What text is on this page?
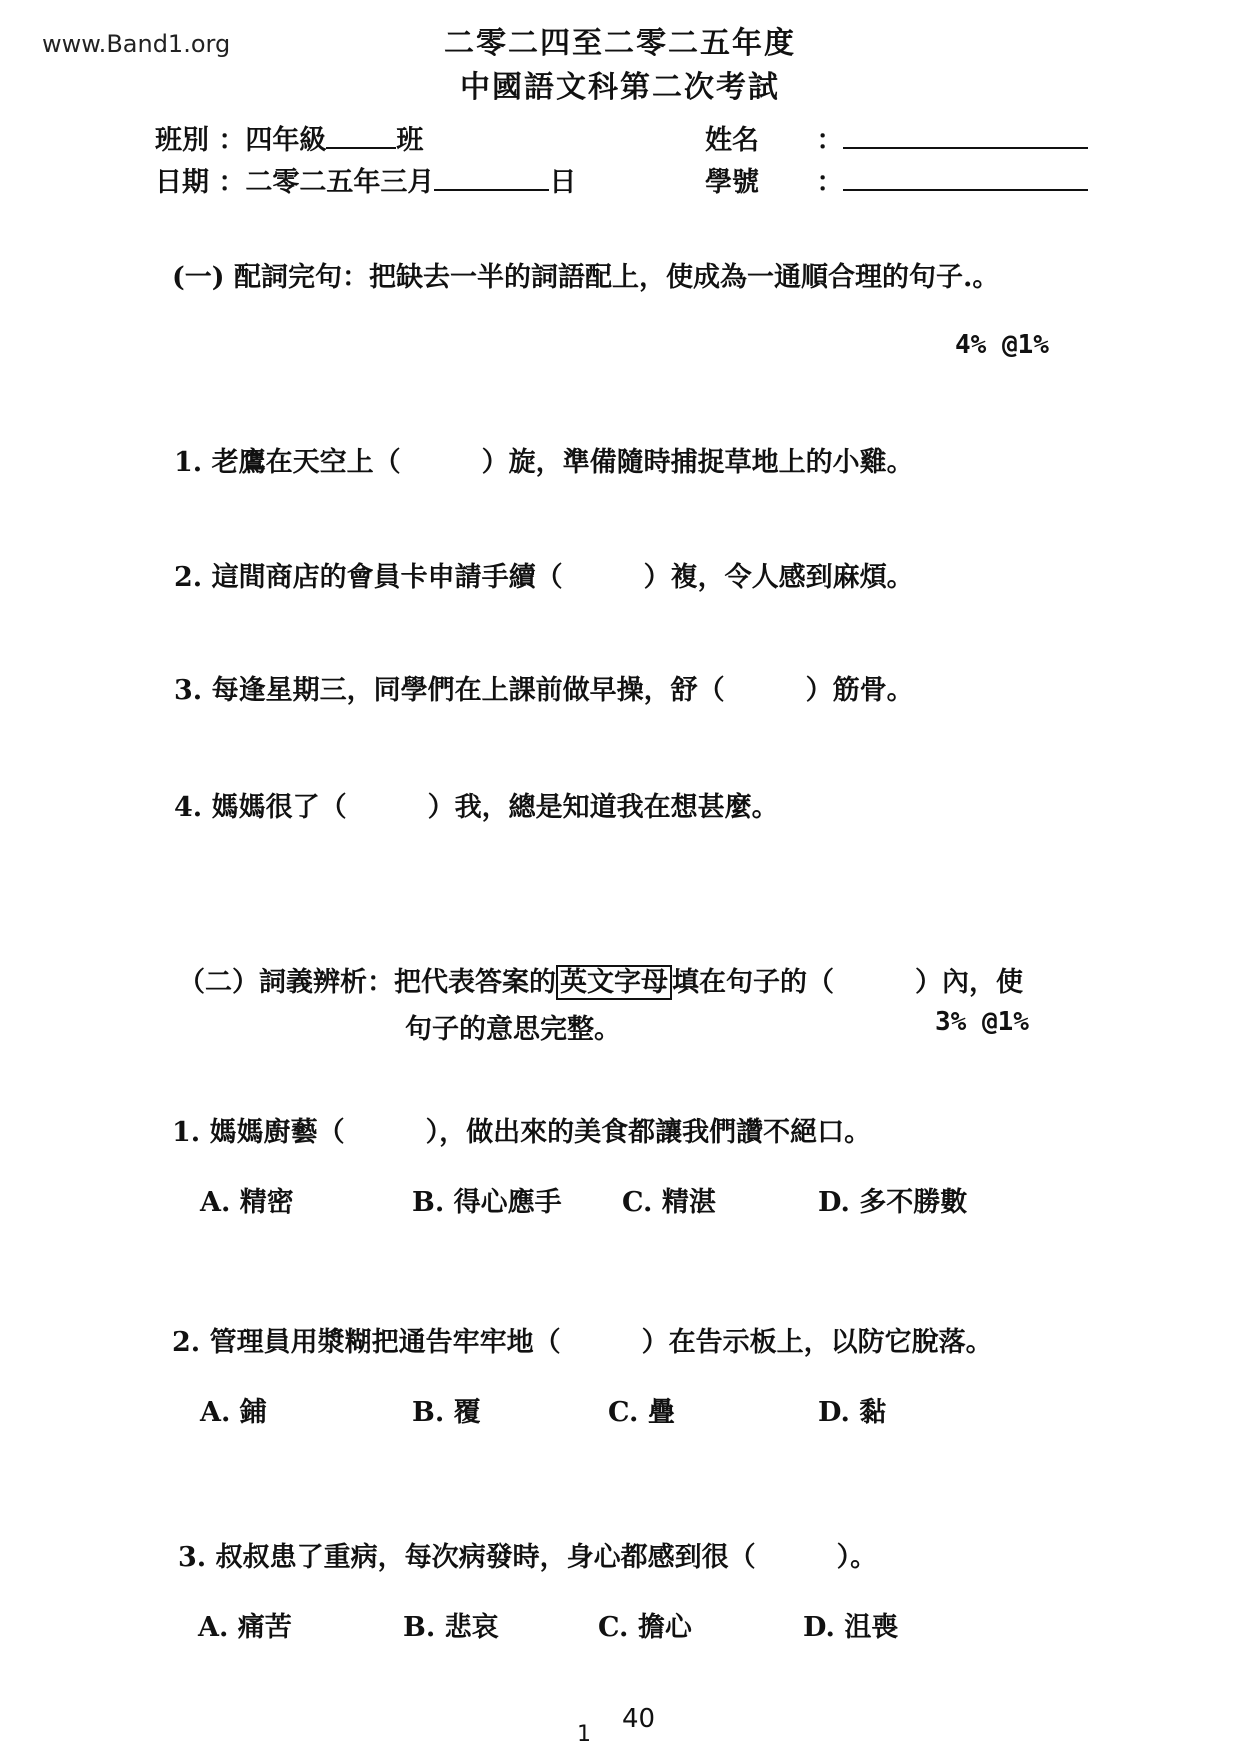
www.Band1.org	二零二四至二零二五年度
中國語文科第二次考試
班別 ：四年級	班
日期 ：二零二五年三月	日
姓名 ：
學號 ：
(一) 配詞完句：把缺去一半的詞語配上，使成為一通順合理的句子.。
4% @1%
1. 老鷹在天空上（　　　）旋，準備隨時捕捉草地上的小雞。
2. 這間商店的會員卡申請手續（　　　）複，令人感到麻煩。
3. 每逢星期三，同學們在上課前做早操，舒（　　　）筋骨。
4. 媽媽很了（　　　）我，總是知道我在想甚麼。
（二）詞義辨析：把代表答案的 英文字母 填在句子的（　　　）內，使
句子的意思完整。	3% @1%
1. 媽媽廚藝（　　　），做出來的美食都讓我們讚不絕口。
A. 精密	B. 得心應手 C. 精湛	D. 多不勝數
2. 管理員用漿糊把通告牢牢地（　　　）在告示板上，以防它脫落。
A. 鋪	B. 覆	C. 疊	D. 黏
3. 叔叔患了重病，每次病發時，身心都感到很（　　　）。
A. 痛苦	B. 悲哀	C. 擔心	D. 沮喪
1
40
